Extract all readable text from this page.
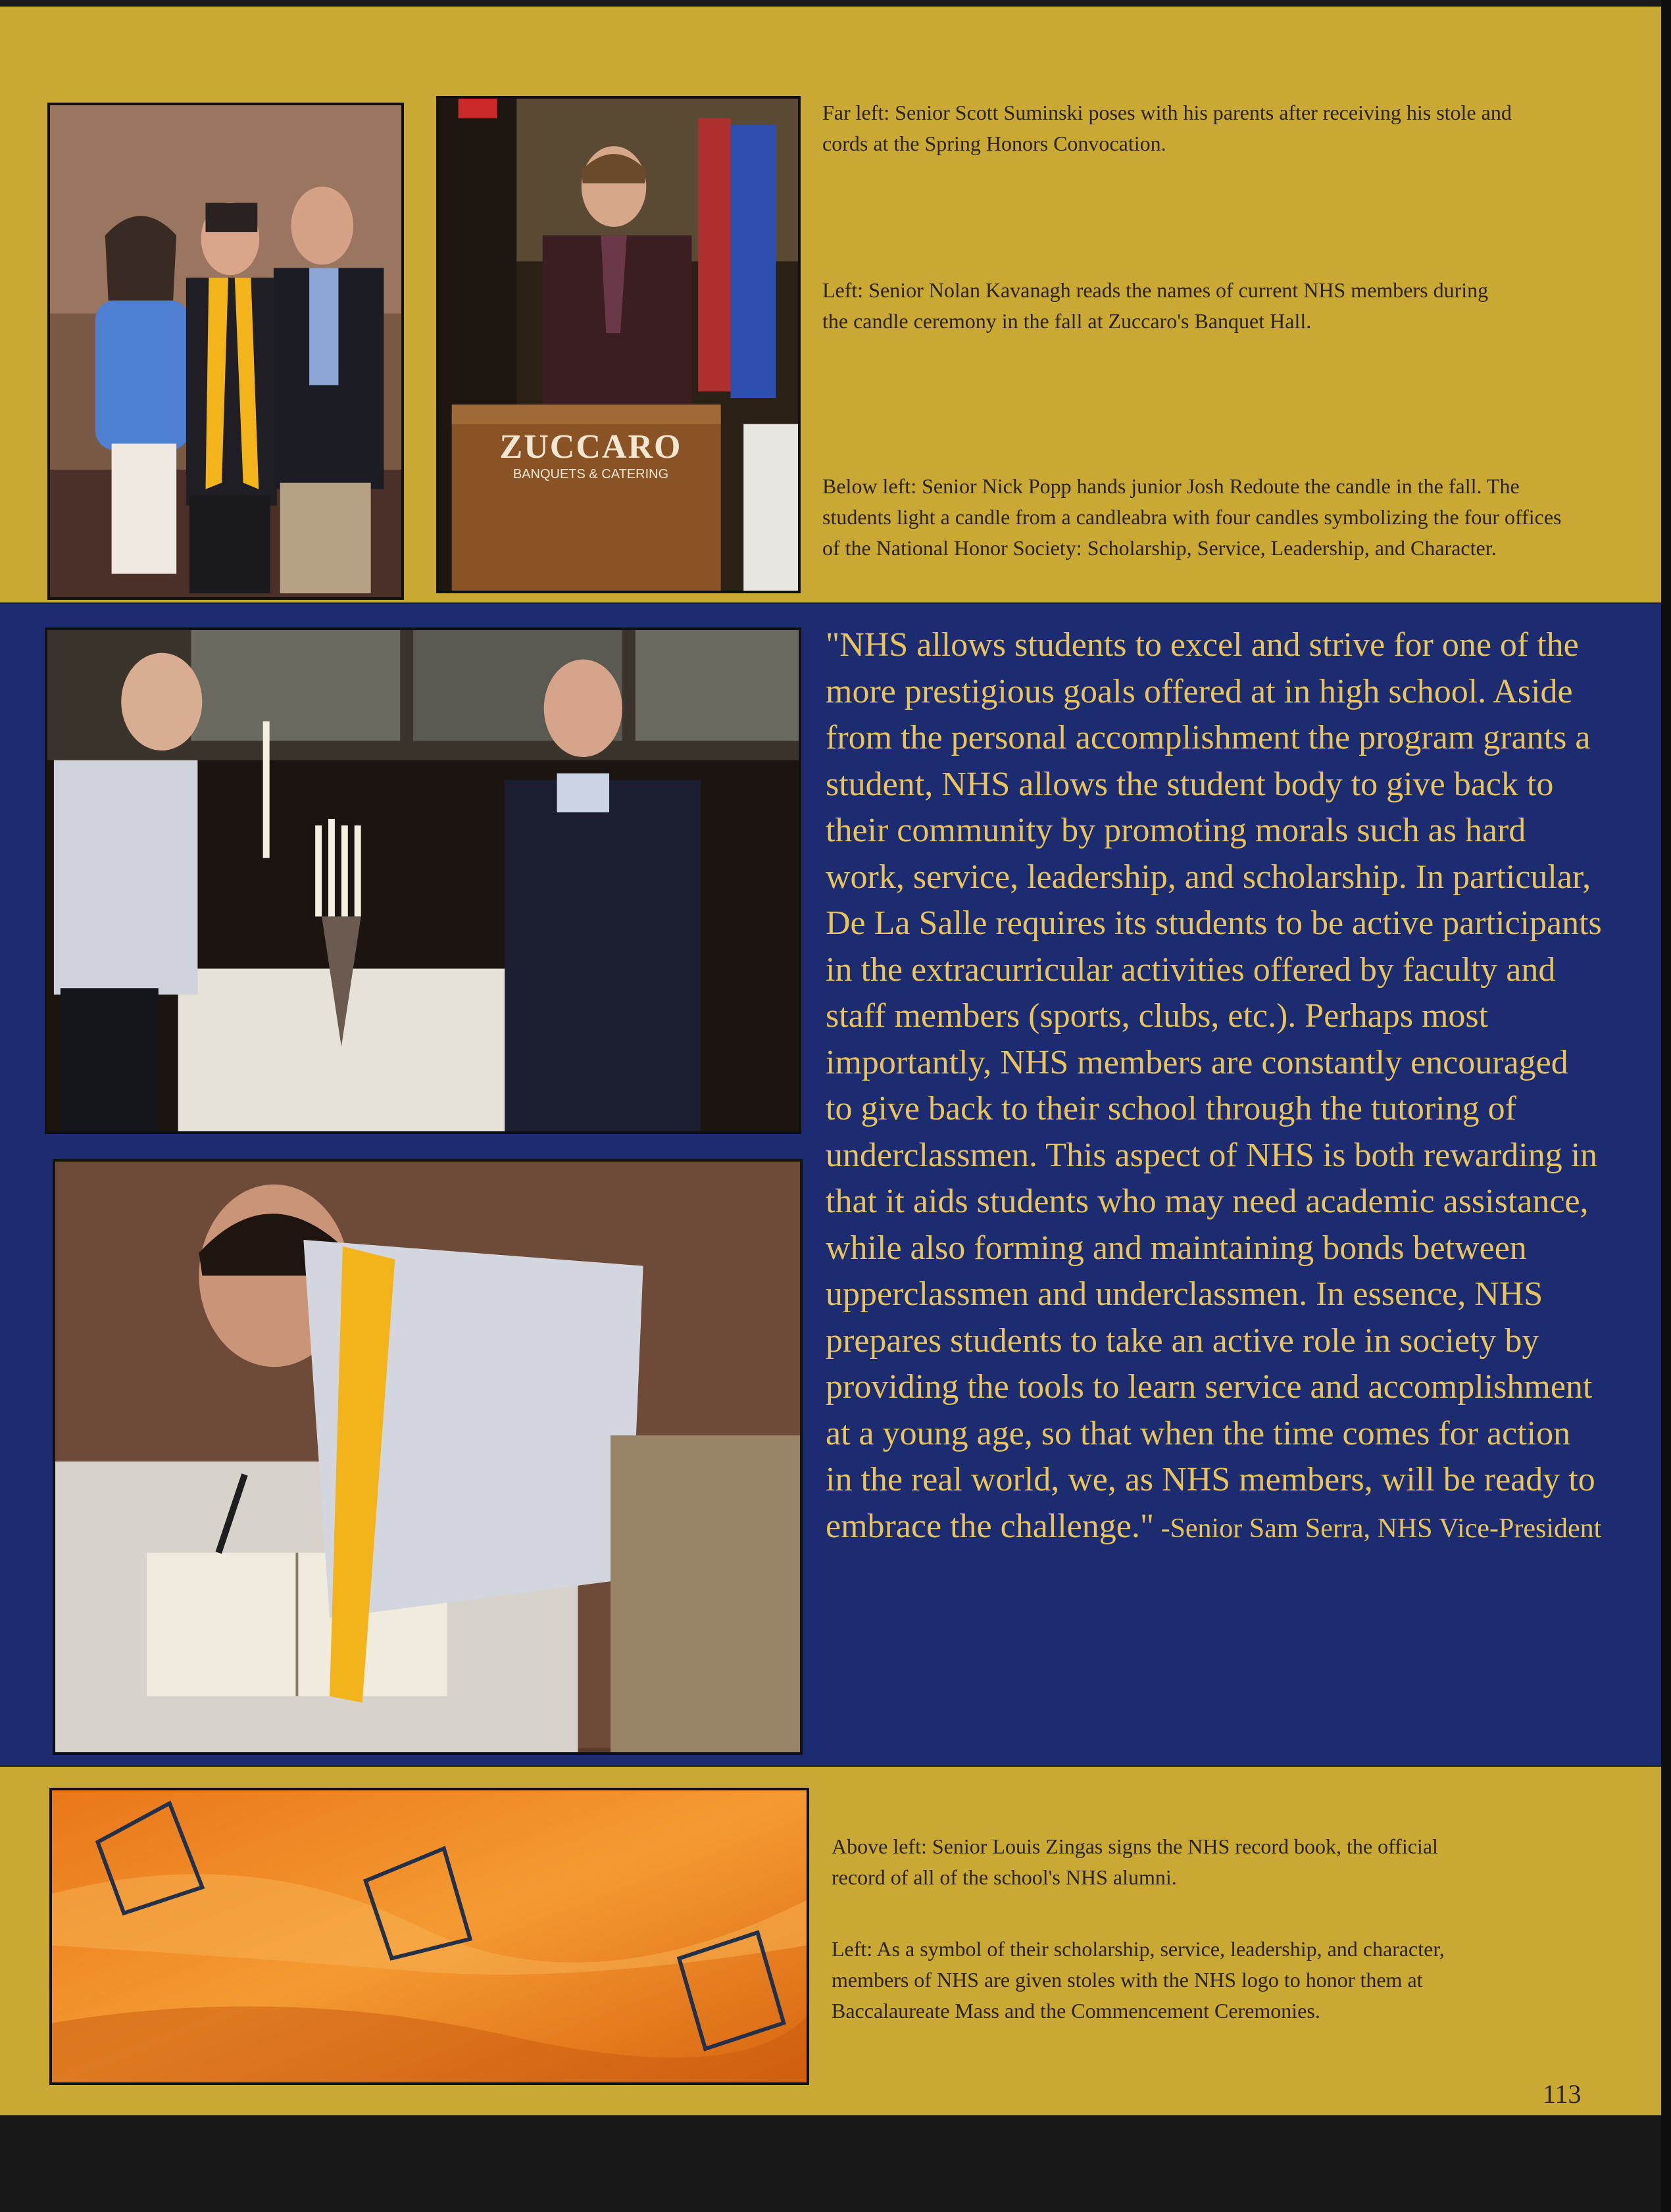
ZUCCARO
BANQUETS & CATERING
Far left: Senior Scott Suminski poses with his parents after receiving his stole and cords at the Spring Honors Convocation.
Left: Senior Nolan Kavanagh reads the names of current NHS members during the candle ceremony in the fall at Zuccaro's Banquet Hall.
Below left: Senior Nick Popp hands junior Josh Redoute the candle in the fall. The students light a candle from a candleabra with four candles symbolizing the four offices of the National Honor Society: Scholarship, Service, Leadership, and Character.
"NHS allows students to excel and strive for one of the more prestigious goals offered at in high school. Aside from the personal accomplishment the program grants a student, NHS allows the student body to give back to their community by promoting morals such as hard work, service, leadership, and scholarship. In particular, De La Salle requires its students to be active participants in the extracurricular activities offered by faculty and staff members (sports, clubs, etc.). Perhaps most importantly, NHS members are constantly encouraged to give back to their school through the tutoring of underclassmen. This aspect of NHS is both rewarding in that it aids students who may need academic assistance, while also forming and maintaining bonds between upperclassmen and underclassmen. In essence, NHS prepares students to take an active role in society by providing the tools to learn service and accomplishment at a young age, so that when the time comes for action in the real world, we, as NHS members, will be ready to embrace the challenge." -Senior Sam Serra, NHS Vice-President
Above left: Senior Louis Zingas signs the NHS record book, the official record of all of the school's NHS alumni.
Left: As a symbol of their scholarship, service, leadership, and character, members of NHS are given stoles with the NHS logo to honor them at Baccalaureate Mass and the Commencement Ceremonies.
113
